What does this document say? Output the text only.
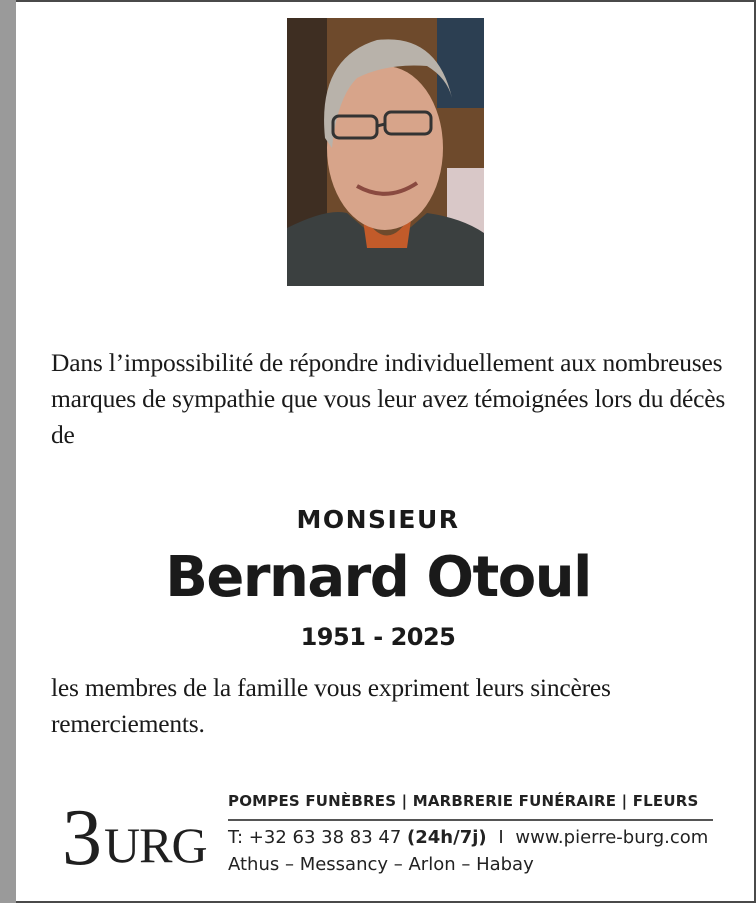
Dans l’impossibilité de répondre individuellement aux nombreuses marques de sympathie que vous leur avez témoignées lors du décès de
MONSIEUR
Bernard Otoul
1951 - 2025
les membres de la famille vous expriment leurs sincères remerciements.
3 URG
POMPES FUNÈBRES | MARBRERIE FUNÉRAIRE | FLEURS
T: +32 63 38 83 47 (24h/7j) I www.pierre-burg.com
Athus – Messancy – Arlon – Habay
